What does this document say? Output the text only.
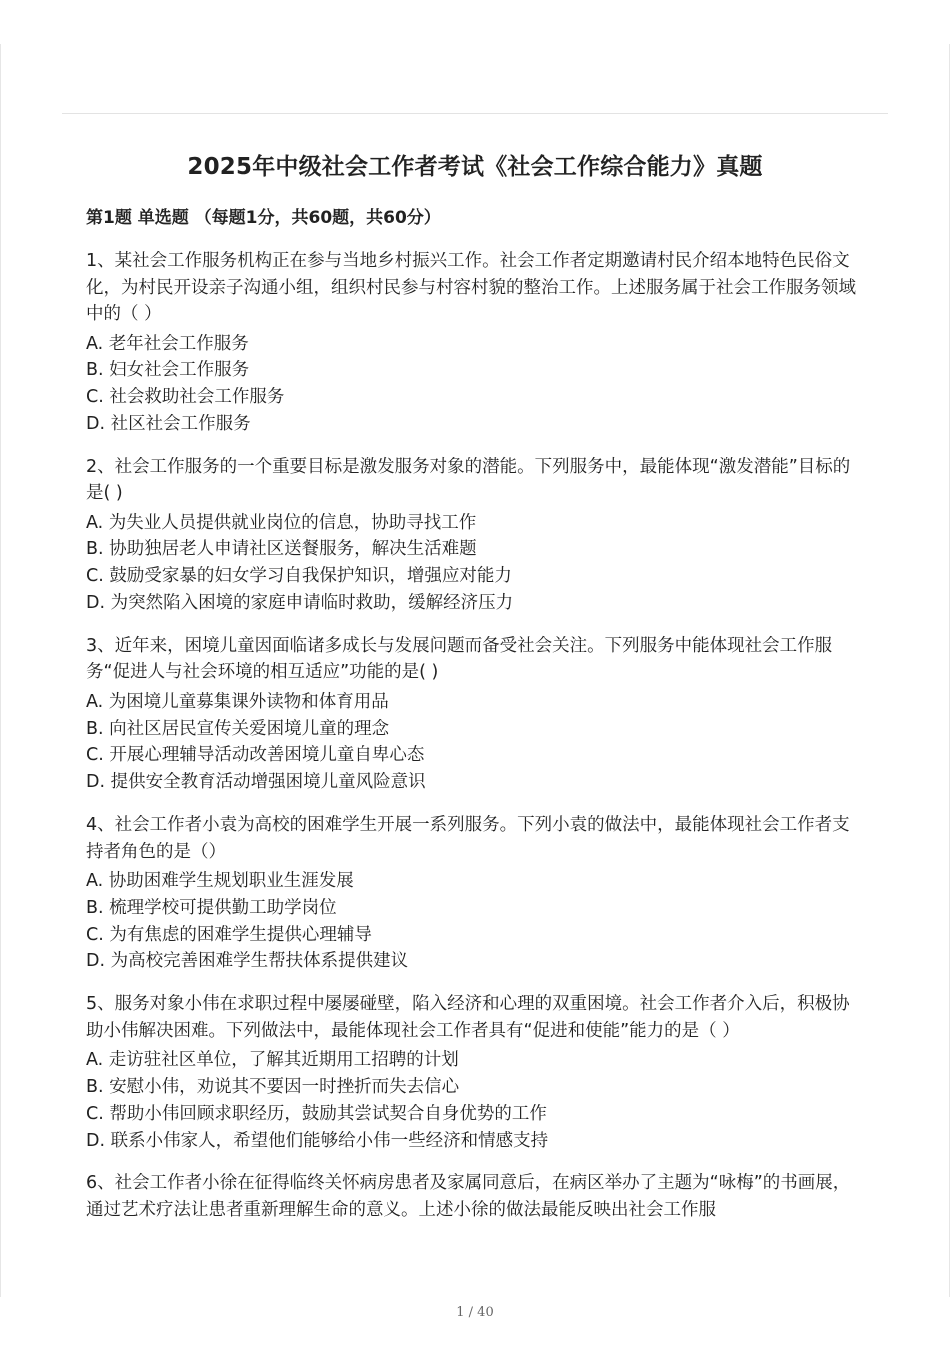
2025年中级社会工作者考试《社会工作综合能力》真题
第1题 单选题 （每题1分，共60题，共60分）
1、某社会工作服务机构正在参与当地乡村振兴工作。社会工作者定期邀请村民介绍本地特色民俗文化，为村民开设亲子沟通小组，组织村民参与村容村貌的整治工作。上述服务属于社会工作服务领域中的（ ）
A. 老年社会工作服务
B. 妇女社会工作服务
C. 社会救助社会工作服务
D. 社区社会工作服务
2、社会工作服务的一个重要目标是激发服务对象的潜能。下列服务中，最能体现“激发潜能”目标的是( )
A. 为失业人员提供就业岗位的信息，协助寻找工作
B. 协助独居老人申请社区送餐服务，解决生活难题
C. 鼓励受家暴的妇女学习自我保护知识，增强应对能力
D. 为突然陷入困境的家庭申请临时救助，缓解经济压力
3、近年来，困境儿童因面临诸多成长与发展问题而备受社会关注。下列服务中能体现社会工作服务“促进人与社会环境的相互适应”功能的是( )
A. 为困境儿童募集课外读物和体育用品
B. 向社区居民宣传关爱困境儿童的理念
C. 开展心理辅导活动改善困境儿童自卑心态
D. 提供安全教育活动增强困境儿童风险意识
4、社会工作者小袁为高校的困难学生开展一系列服务。下列小袁的做法中，最能体现社会工作者支持者角色的是（）
A. 协助困难学生规划职业生涯发展
B. 梳理学校可提供勤工助学岗位
C. 为有焦虑的困难学生提供心理辅导
D. 为高校完善困难学生帮扶体系提供建议
5、服务对象小伟在求职过程中屡屡碰壁，陷入经济和心理的双重困境。社会工作者介入后，积极协助小伟解决困难。下列做法中，最能体现社会工作者具有“促进和使能”能力的是（ ）
A. 走访驻社区单位，了解其近期用工招聘的计划
B. 安慰小伟，劝说其不要因一时挫折而失去信心
C. 帮助小伟回顾求职经历，鼓励其尝试契合自身优势的工作
D. 联系小伟家人，希望他们能够给小伟一些经济和情感支持
6、社会工作者小徐在征得临终关怀病房患者及家属同意后，在病区举办了主题为“咏梅”的书画展，通过艺术疗法让患者重新理解生命的意义。上述小徐的做法最能反映出社会工作服
1 / 40
